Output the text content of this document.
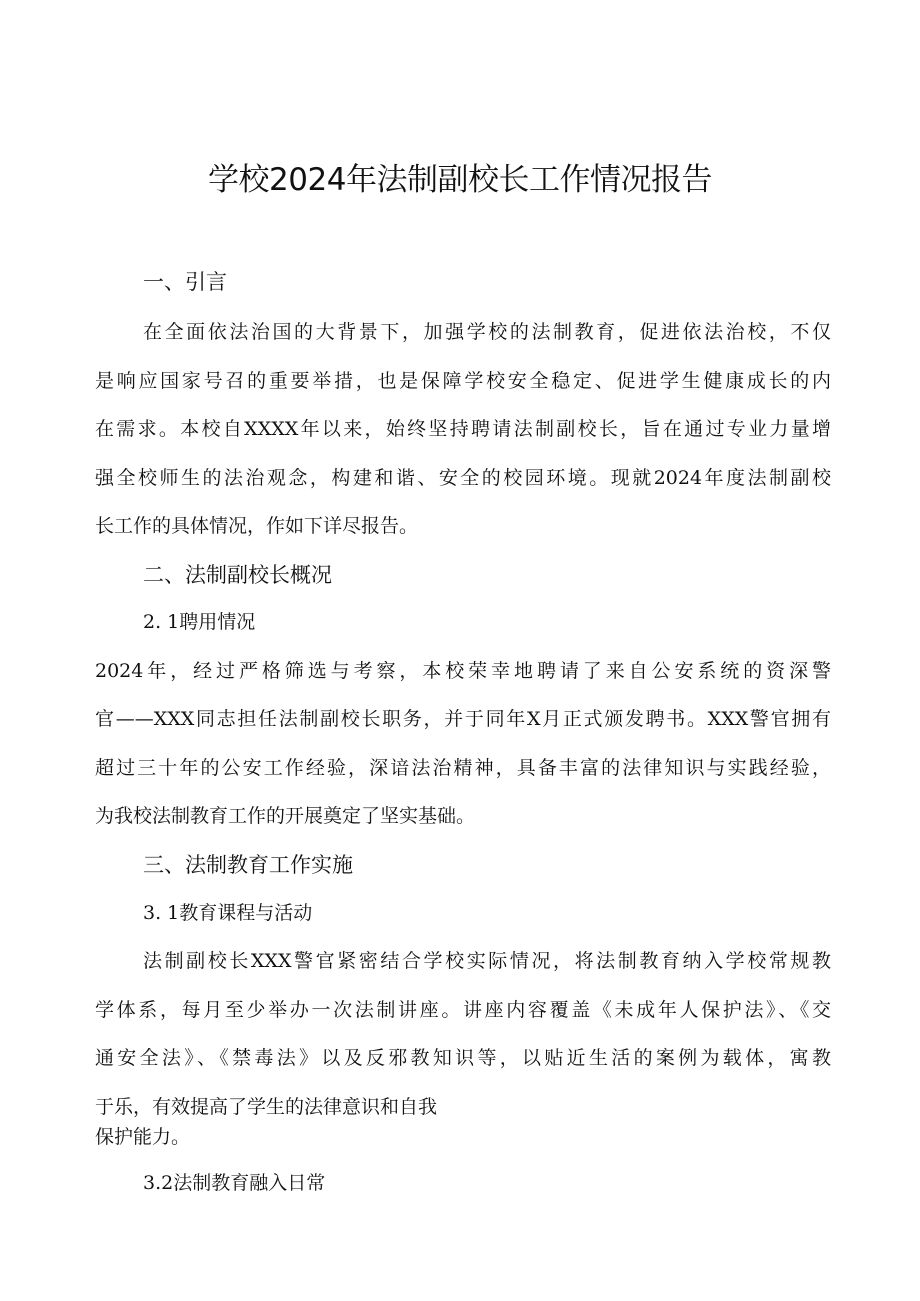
学校2024年法制副校长工作情况报告
一、引言
在全面依法治国的大背景下，加强学校的法制教育，促进依法治校，不仅
是响应国家号召的重要举措，也是保障学校安全稳定、促进学生健康成长的内
在需求。本校自XXXX年以来，始终坚持聘请法制副校长，旨在通过专业力量增
强全校师生的法治观念，构建和谐、安全的校园环境。现就2024年度法制副校
长工作的具体情况，作如下详尽报告。
二、法制副校长概况
2. 1聘用情况
2024年，经过严格筛选与考察，本校荣幸地聘请了来自公安系统的资深警
官——XXX同志担任法制副校长职务，并于同年X月正式颁发聘书。XXX警官拥有
超过三十年的公安工作经验，深谙法治精神，具备丰富的法律知识与实践经验，
为我校法制教育工作的开展奠定了坚实基础。
三、法制教育工作实施
3. 1教育课程与活动
法制副校长XXX警官紧密结合学校实际情况，将法制教育纳入学校常规教
学体系，每月至少举办一次法制讲座。讲座内容覆盖《未成年人保护法》、《交
通安全法》、《禁毒法》以及反邪教知识等，以贴近生活的案例为载体，寓教
于乐，有效提高了学生的法律意识和自我
保护能力。
3.2法制教育融入日常
